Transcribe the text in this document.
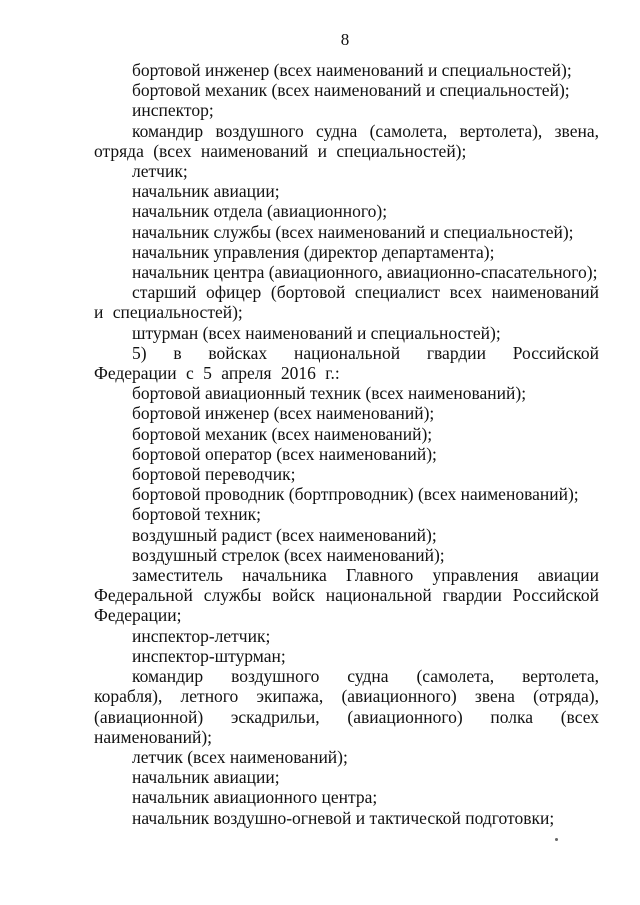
8

бортовой инженер (всех наименований и специальностей);

бортовой механик (всех наименований и специальностей);

инспектор;

командир воздушного судна (самолета, вертолета), звена, отряда (всех наименований и специальностей);

летчик;

начальник авиации;

начальник отдела (авиационного);

начальник службы (всех наименований и специальностей);

начальник управления (директор департамента);

начальник центра (авиационного, авиационно-спасательного);

старший офицер (бортовой специалист всех наименований и специальностей);

штурман (всех наименований и специальностей);

5) в войсках национальной гвардии Российской Федерации с 5 апреля 2016 г.:

бортовой авиационный техник (всех наименований);

бортовой инженер (всех наименований);

бортовой механик (всех наименований);

бортовой оператор (всех наименований);

бортовой переводчик;

бортовой проводник (бортпроводник) (всех наименований);

бортовой техник;

воздушный радист (всех наименований);

воздушный стрелок (всех наименований);

заместитель начальника Главного управления авиации Федеральной службы войск национальной гвардии Российской Федерации;

инспектор-летчик;

инспектор-штурман;

командир воздушного судна (самолета, вертолета, корабля), летного экипажа, (авиационного) звена (отряда), (авиационной) эскадрильи, (авиационного) полка (всех наименований);

летчик (всех наименований);

начальник авиации;

начальник авиационного центра;

начальник воздушно-огневой и тактической подготовки;
